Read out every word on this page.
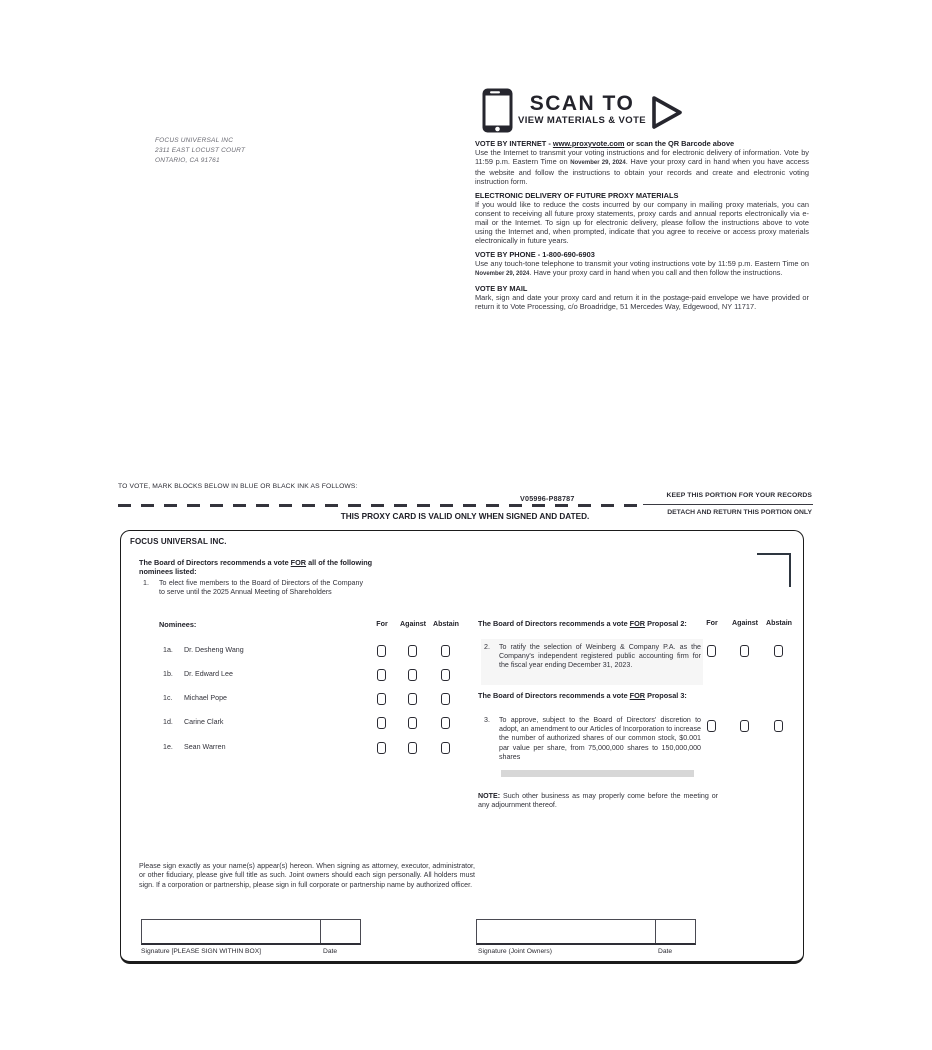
FOCUS UNIVERSAL INC
2311 EAST LOCUST COURT
ONTARIO, CA 91761
SCAN TO
VIEW MATERIALS & VOTE
VOTE BY INTERNET - www.proxyvote.com or scan the QR Barcode above

Use the Internet to transmit your voting instructions and for electronic delivery of information. Vote by 11:59 p.m. Eastern Time on November 29, 2024. Have your proxy card in hand when you have access the website and follow the instructions to obtain your records and create and electronic voting instruction form.

ELECTRONIC DELIVERY OF FUTURE PROXY MATERIALS

If you would like to reduce the costs incurred by our company in mailing proxy materials, you can consent to receiving all future proxy statements, proxy cards and annual reports electronically via e-mail or the Internet. To sign up for electronic delivery, please follow the instructions above to vote using the Internet and, when prompted, indicate that you agree to receive or access proxy materials electronically in future years.

VOTE BY PHONE - 1-800-690-6903

Use any touch-tone telephone to transmit your voting instructions vote by 11:59 p.m. Eastern Time on November 29, 2024. Have your proxy card in hand when you call and then follow the instructions.

VOTE BY MAIL

Mark, sign and date your proxy card and return it in the postage-paid envelope we have provided or return it to Vote Processing, c/o Broadridge, 51 Mercedes Way, Edgewood, NY 11717.

TO VOTE, MARK BLOCKS BELOW IN BLUE OR BLACK INK AS FOLLOWS:
V05996-P88787	KEEP THIS PORTION FOR YOUR RECORDS
DETACH AND RETURN THIS PORTION ONLY
THIS PROXY CARD IS VALID ONLY WHEN SIGNED AND DATED.
FOCUS UNIVERSAL INC.
The Board of Directors recommends a vote FOR all of the following nominees listed:
1. To elect five members to the Board of Directors of the Company to serve until the 2025 Annual Meeting of Shareholders
Nominees:	For Against Abstain
1a. Dr. Desheng Wang
1b. Dr. Edward Lee
1c. Michael Pope
1d. Carine Clark
1e. Sean Warren
The Board of Directors recommends a vote FOR Proposal 2:	For Against Abstain
2. To ratify the selection of Weinberg & Company P.A. as the Company's independent registered public accounting firm for the fiscal year ending December 31, 2023.
The Board of Directors recommends a vote FOR Proposal 3:
3. To approve, subject to the Board of Directors' discretion to adopt, an amendment to our Articles of Incorporation to increase the number of authorized shares of our common stock, $0.001 par value per share, from 75,000,000 shares to 150,000,000 shares
NOTE: Such other business as may properly come before the meeting or any adjournment thereof.
Please sign exactly as your name(s) appear(s) hereon. When signing as attorney, executor, administrator, or other fiduciary, please give full title as such. Joint owners should each sign personally. All holders must sign. If a corporation or partnership, please sign in full corporate or partnership name by authorized officer.
Signature [PLEASE SIGN WITHIN BOX]	Date	Signature (Joint Owners)	Date
